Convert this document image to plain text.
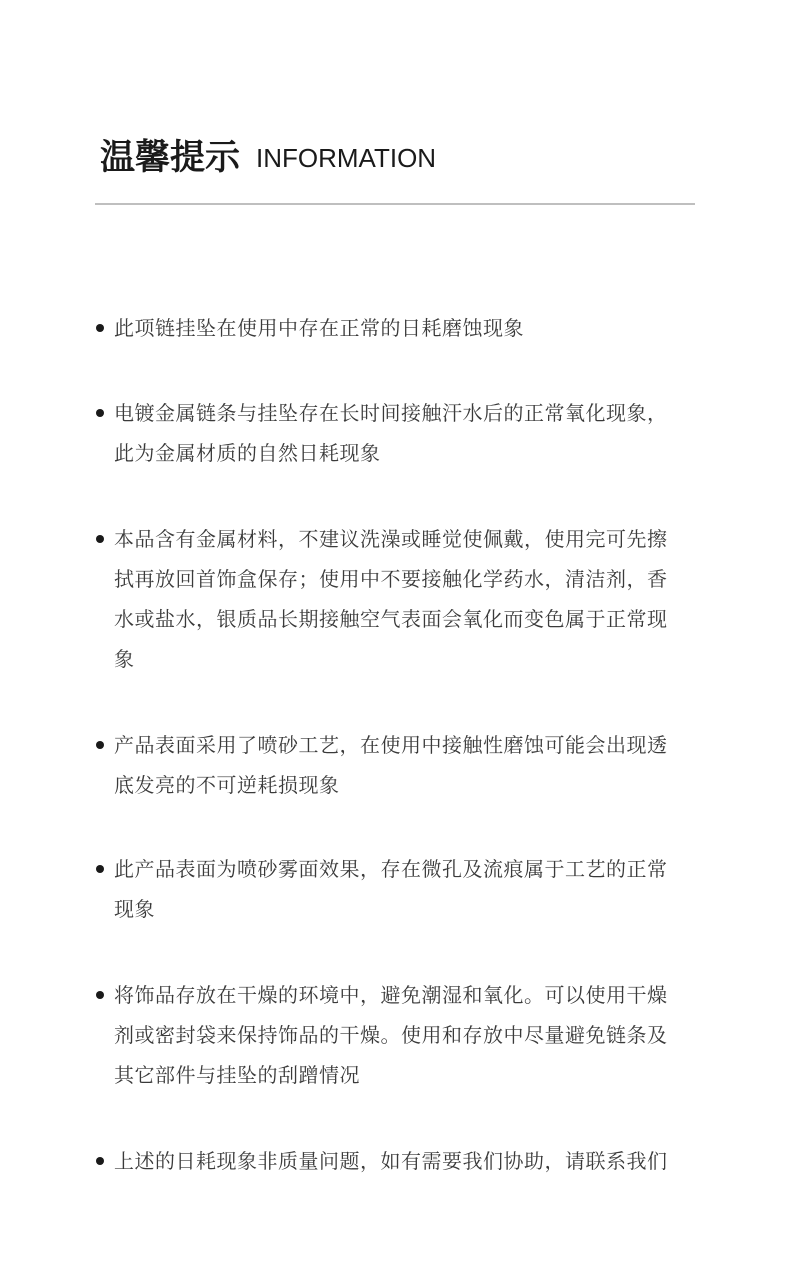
温馨提示 INFORMATION
此项链挂坠在使用中存在正常的日耗磨蚀现象
电镀金属链条与挂坠存在长时间接触汗水后的正常氧化现象，此为金属材质的自然日耗现象
本品含有金属材料，不建议洗澡或睡觉使佩戴，使用完可先擦拭再放回首饰盒保存；使用中不要接触化学药水，清洁剂，香水或盐水，银质品长期接触空气表面会氧化而变色属于正常现象
产品表面采用了喷砂工艺，在使用中接触性磨蚀可能会出现透底发亮的不可逆耗损现象
此产品表面为喷砂雾面效果，存在微孔及流痕属于工艺的正常现象
将饰品存放在干燥的环境中，避免潮湿和氧化。可以使用干燥剂或密封袋来保持饰品的干燥。使用和存放中尽量避免链条及其它部件与挂坠的刮蹭情况
上述的日耗现象非质量问题，如有需要我们协助，请联系我们
